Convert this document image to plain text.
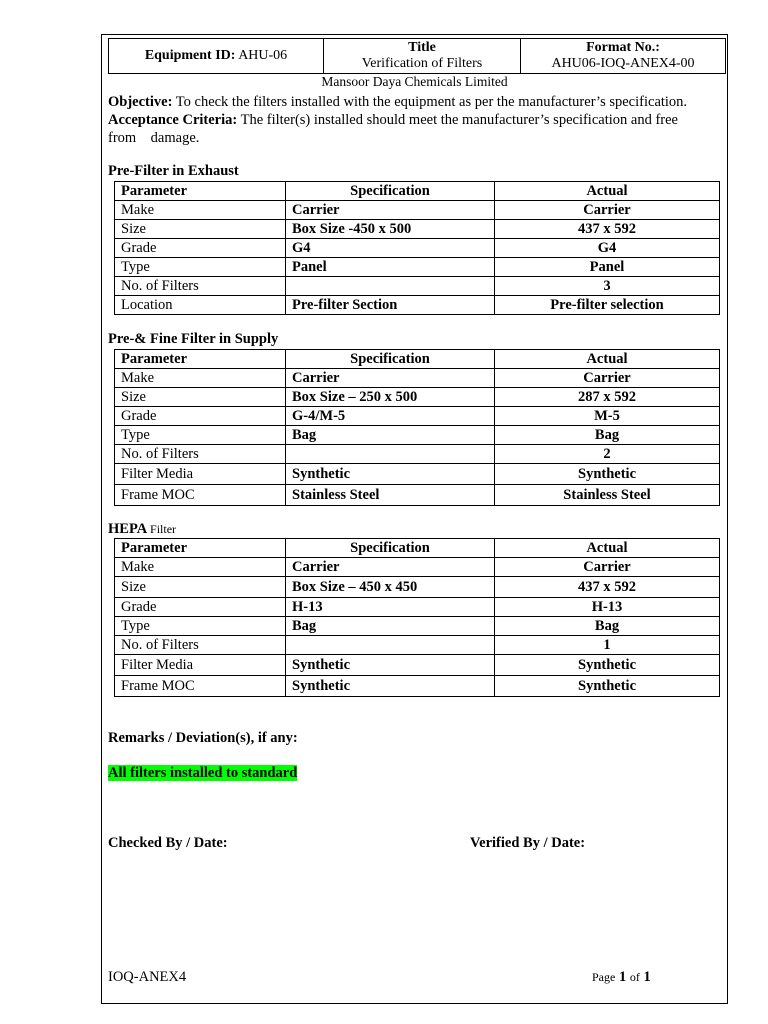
Equipment ID: AHU-06	
Title
Verification of Filters

Format No.:
AHU06-IOQ-ANEX4-00
Mansoor Daya Chemicals Limited
Objective: To check the filters installed with the equipment as per the manufacturer’s specification.
Acceptance Criteria: The filter(s) installed should meet the manufacturer’s specification and free from    damage.
Pre-Filter in Exhaust
Parameter	Specification	Actual
Make	Carrier	Carrier
Size	Box Size -450 x 500	437 x 592
Grade	G4	G4
Type	Panel	Panel
No. of Filters		3
Location	Pre-filter Section	Pre-filter selection
Pre-& Fine Filter in Supply
Parameter	Specification	Actual
Make	Carrier	Carrier
Size	Box Size – 250 x 500	287 x 592
Grade	G-4/M-5	M-5
Type	Bag	Bag
No. of Filters		2
Filter Media	Synthetic	Synthetic
Frame MOC	Stainless Steel	Stainless Steel
HEPA Filter
Parameter	Specification	Actual
Make	Carrier	Carrier
Size	Box Size – 450 x 450	437 x 592
Grade	H-13	H-13
Type	Bag	Bag
No. of Filters		1
Filter Media	Synthetic	Synthetic
Frame MOC	Synthetic	Synthetic
Remarks / Deviation(s), if any:
All filters installed to standard
Checked By / Date:	Verified By / Date:
IOQ-ANEX4	Page 1 of 1
